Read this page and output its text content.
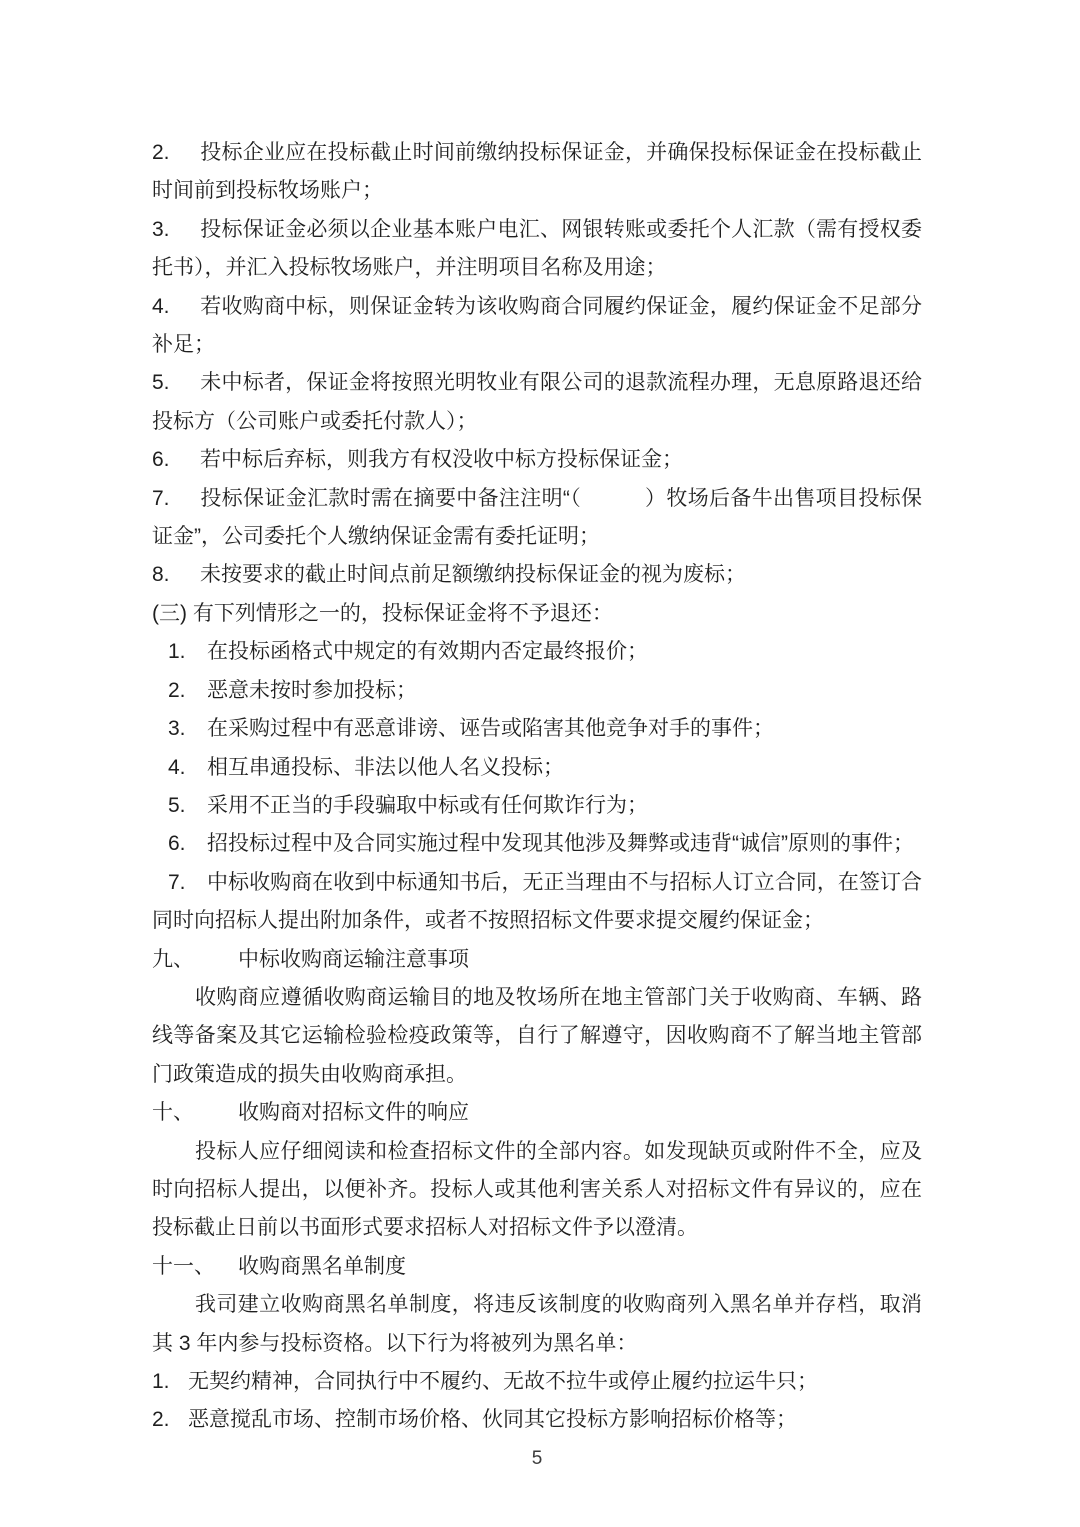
2. 投标企业应在投标截止时间前缴纳投标保证金，并确保投标保证金在投标截止时间前到投标牧场账户；

3. 投标保证金必须以企业基本账户电汇、网银转账或委托个人汇款（需有授权委托书），并汇入投标牧场账户，并注明项目名称及用途；

4. 若收购商中标，则保证金转为该收购商合同履约保证金，履约保证金不足部分补足；

5. 未中标者，保证金将按照光明牧业有限公司的退款流程办理，无息原路退还给投标方（公司账户或委托付款人）；

6. 若中标后弃标，则我方有权没收中标方投标保证金；

7. 投标保证金汇款时需在摘要中备注注明“（　　　）牧场后备牛出售项目投标保证金”，公司委托个人缴纳保证金需有委托证明；

8. 未按要求的截止时间点前足额缴纳投标保证金的视为废标；

(三) 有下列情形之一的，投标保证金将不予退还：

1. 在投标函格式中规定的有效期内否定最终报价；

2. 恶意未按时参加投标；

3. 在采购过程中有恶意诽谤、诬告或陷害其他竞争对手的事件；

4. 相互串通投标、非法以他人名义投标；

5. 采用不正当的手段骗取中标或有任何欺诈行为；

6. 招投标过程中及合同实施过程中发现其他涉及舞弊或违背“诚信”原则的事件；

7. 中标收购商在收到中标通知书后，无正当理由不与招标人订立合同，在签订合同时向招标人提出附加条件，或者不按照招标文件要求提交履约保证金；

九、 中标收购商运输注意事项

收购商应遵循收购商运输目的地及牧场所在地主管部门关于收购商、车辆、路线等备案及其它运输检验检疫政策等，自行了解遵守，因收购商不了解当地主管部门政策造成的损失由收购商承担。

十、 收购商对招标文件的响应

投标人应仔细阅读和检查招标文件的全部内容。如发现缺页或附件不全，应及时向招标人提出，以便补齐。投标人或其他利害关系人对招标文件有异议的，应在投标截止日前以书面形式要求招标人对招标文件予以澄清。

十一、 收购商黑名单制度

我司建立收购商黑名单制度，将违反该制度的收购商列入黑名单并存档，取消其 3 年内参与投标资格。以下行为将被列为黑名单：

1. 无契约精神，合同执行中不履约、无故不拉牛或停止履约拉运牛只；

2. 恶意搅乱市场、控制市场价格、伙同其它投标方影响招标价格等；

5
